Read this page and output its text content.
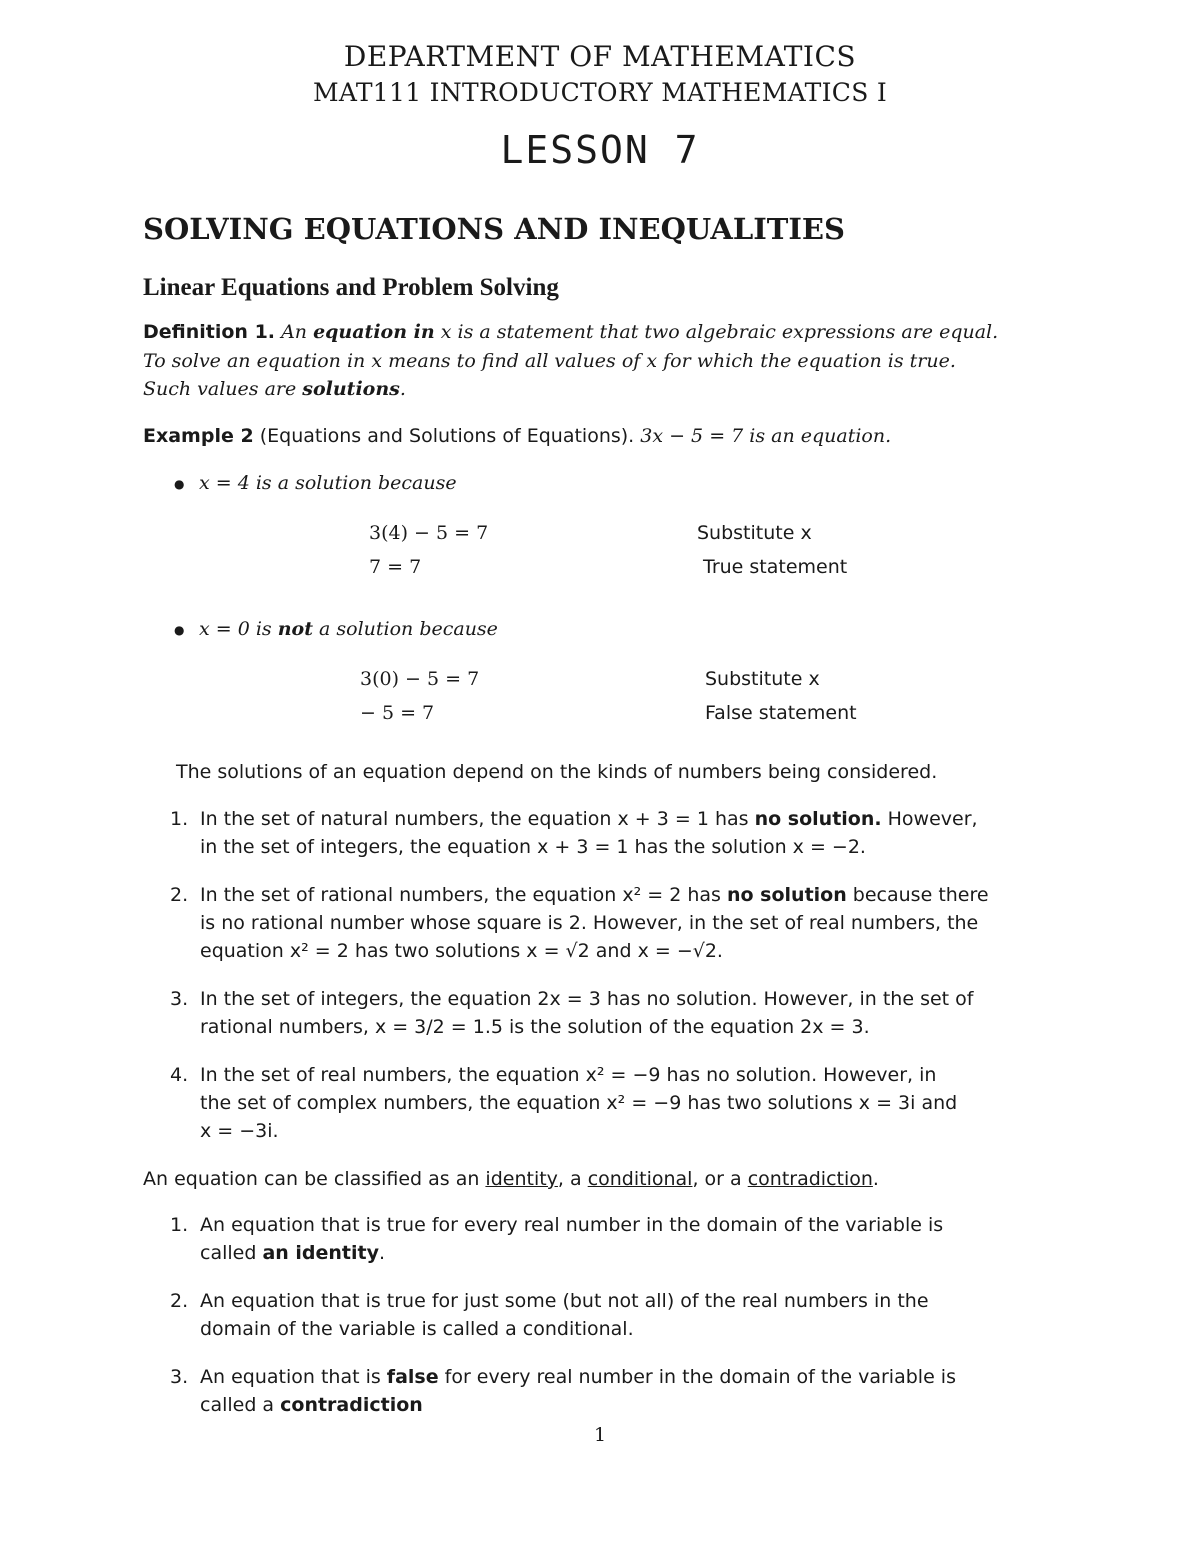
DEPARTMENT OF MATHEMATICS
MAT111 INTRODUCTORY MATHEMATICS I
LESSON 7
SOLVING EQUATIONS AND INEQUALITIES
Linear Equations and Problem Solving
Definition 1. An equation in x is a statement that two algebraic expressions are equal.
To solve an equation in x means to find all values of x for which the equation is true.
Such values are solutions.
Example 2 (Equations and Solutions of Equations). 3x − 5 = 7 is an equation.
● x = 4 is a solution because
3(4) − 5 = 7	Substitute x
7 = 7	True statement
● x = 0 is not a solution because
3(0) − 5 = 7	Substitute x
− 5 = 7	False statement
The solutions of an equation depend on the kinds of numbers being considered.
1. In the set of natural numbers, the equation x + 3 = 1 has no solution. However,
in the set of integers, the equation x + 3 = 1 has the solution x = −2.
2. In the set of rational numbers, the equation x² = 2 has no solution because there
is no rational number whose square is 2. However, in the set of real numbers, the
equation x² = 2 has two solutions x = √2 and x = −√2.
3. In the set of integers, the equation 2x = 3 has no solution. However, in the set of
rational numbers, x = 3/2 = 1.5 is the solution of the equation 2x = 3.
4. In the set of real numbers, the equation x² = −9 has no solution. However, in
the set of complex numbers, the equation x² = −9 has two solutions x = 3i and
x = −3i.
An equation can be classified as an identity, a conditional, or a contradiction.
1. An equation that is true for every real number in the domain of the variable is
called an identity.
2. An equation that is true for just some (but not all) of the real numbers in the
domain of the variable is called a conditional.
3. An equation that is false for every real number in the domain of the variable is
called a contradiction
1
